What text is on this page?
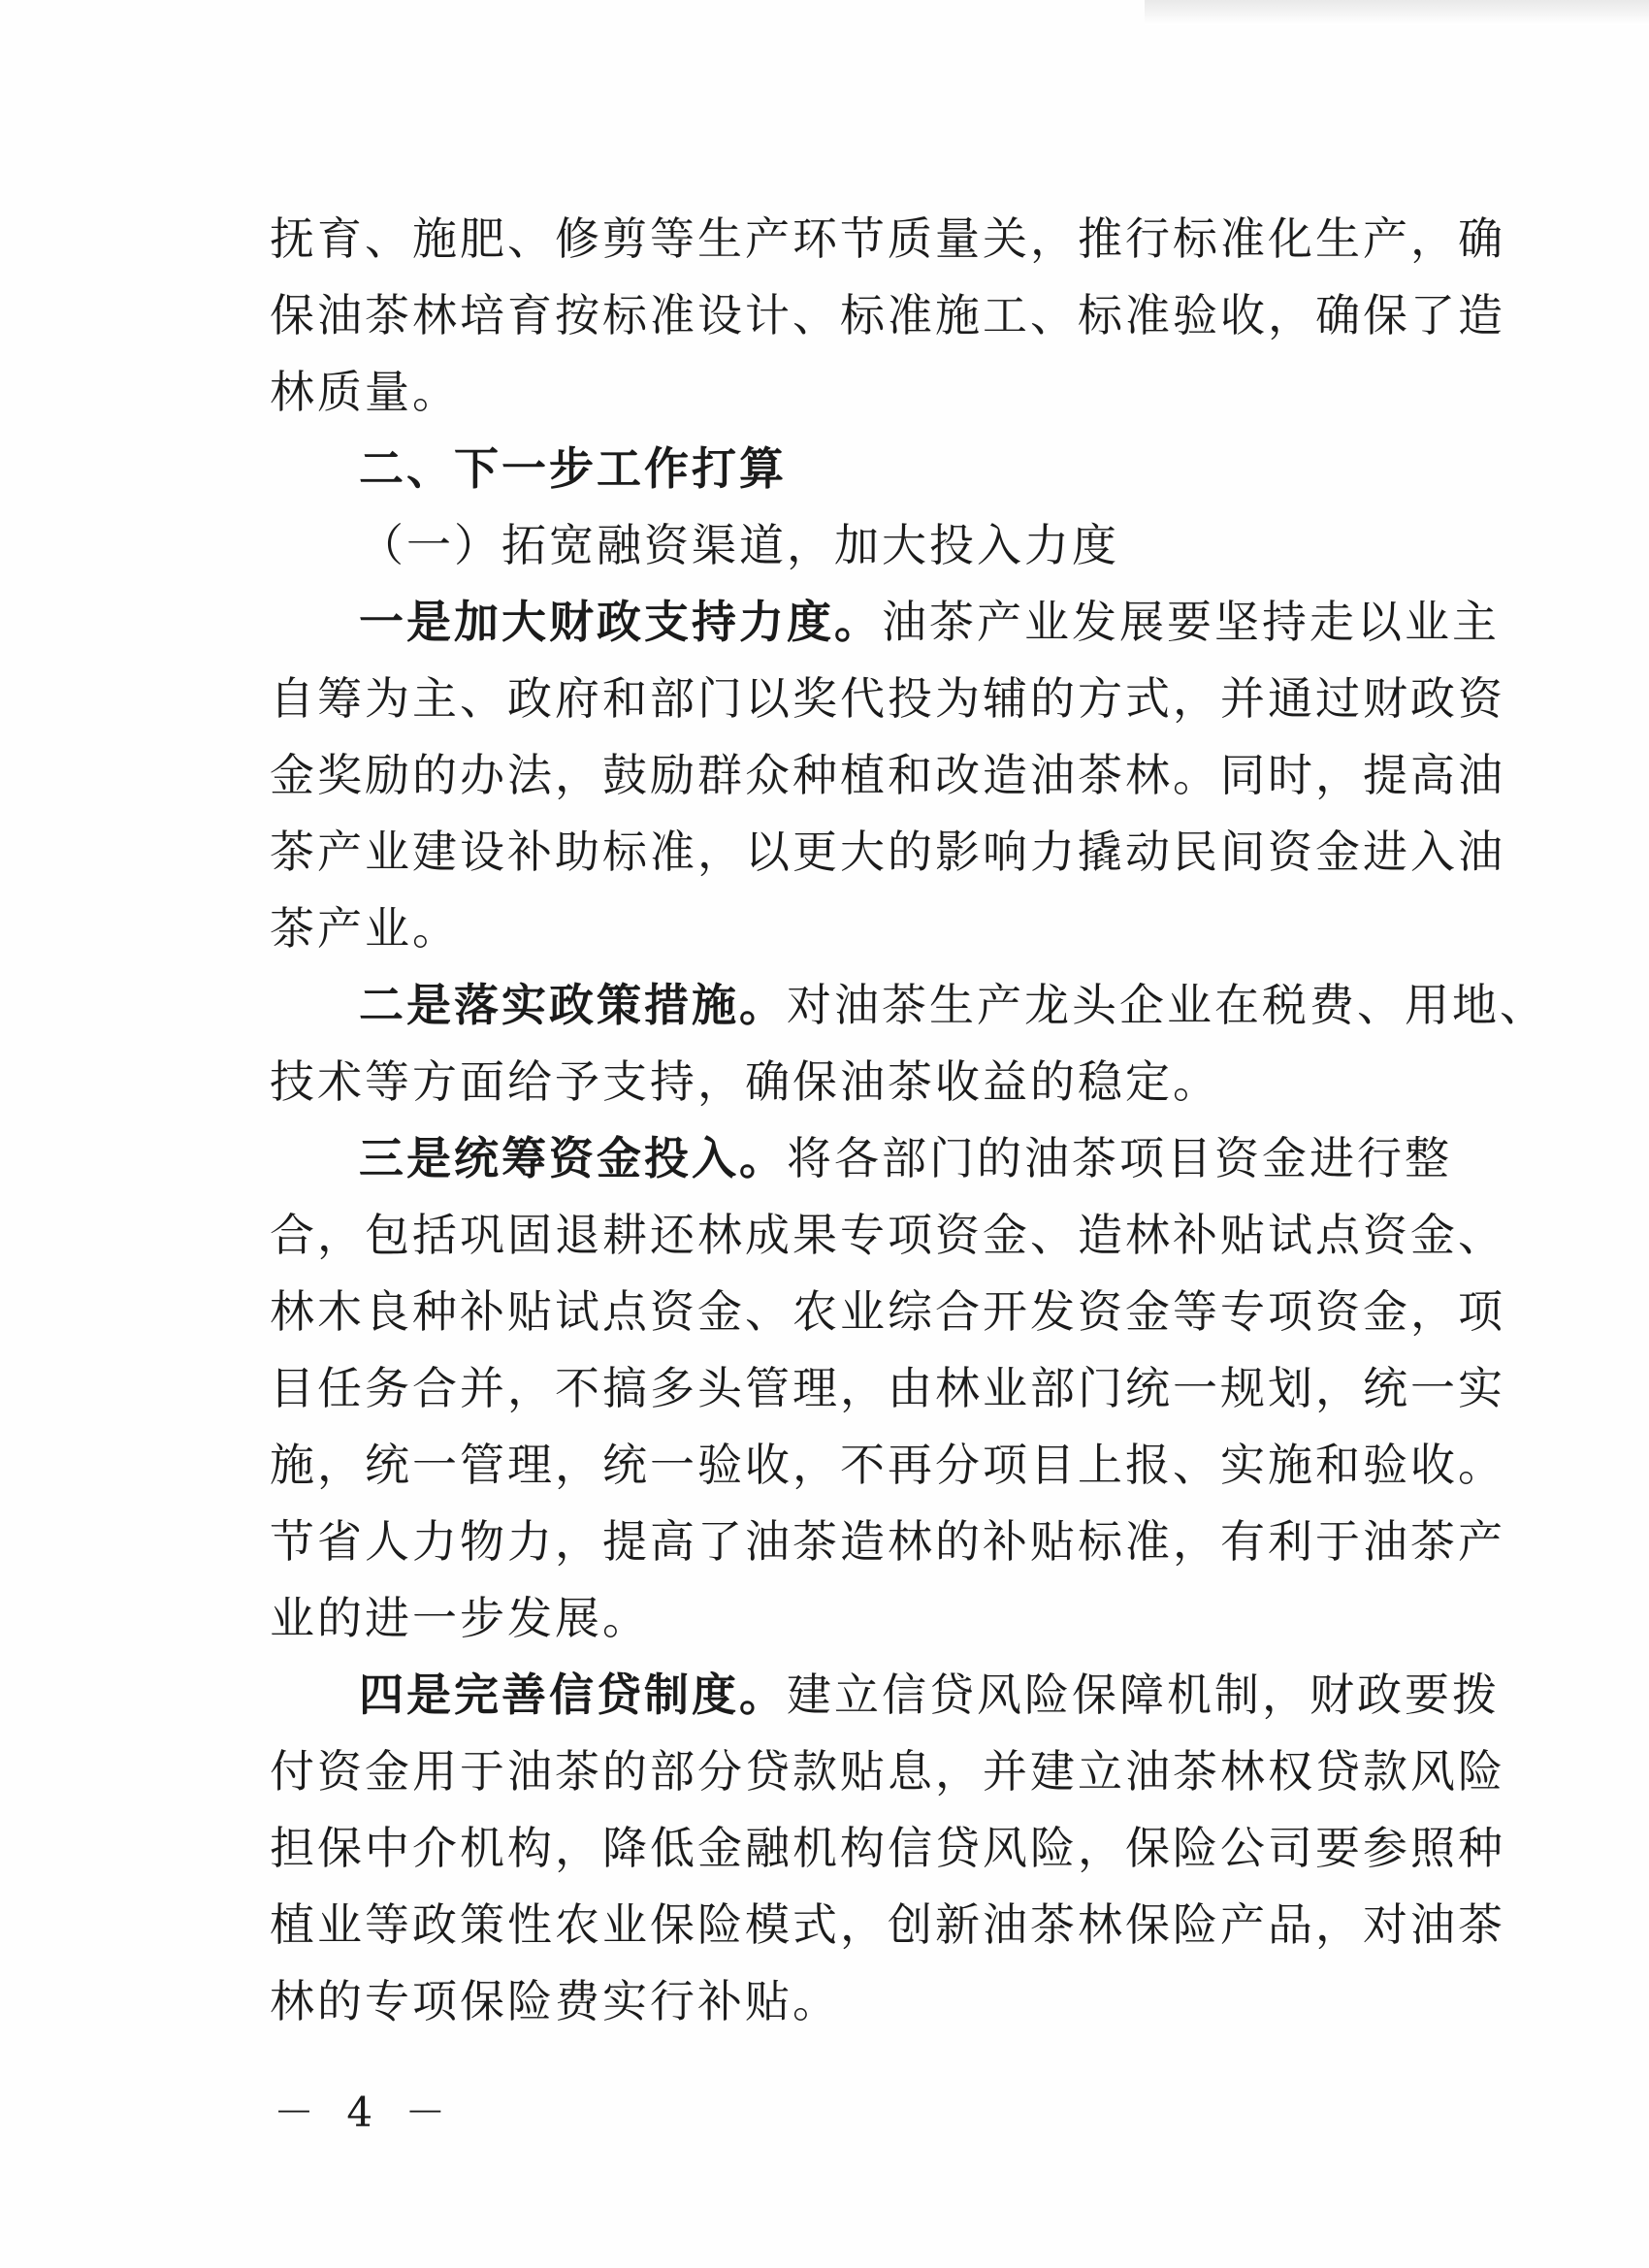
抚育、施肥、修剪等生产环节质量关，推行标准化生产，确
保油茶林培育按标准设计、标准施工、标准验收，确保了造
林质量。
二、下一步工作打算
（一）拓宽融资渠道，加大投入力度
一是加大财政支持力度。油茶产业发展要坚持走以业主
自筹为主、政府和部门以奖代投为辅的方式，并通过财政资
金奖励的办法，鼓励群众种植和改造油茶林。同时，提高油
茶产业建设补助标准，以更大的影响力撬动民间资金进入油
茶产业。
二是落实政策措施。对油茶生产龙头企业在税费、用地、
技术等方面给予支持，确保油茶收益的稳定。
三是统筹资金投入。将各部门的油茶项目资金进行整
合，包括巩固退耕还林成果专项资金、造林补贴试点资金、
林木良种补贴试点资金、农业综合开发资金等专项资金，项
目任务合并，不搞多头管理，由林业部门统一规划，统一实
施，统一管理，统一验收，不再分项目上报、实施和验收。
节省人力物力，提高了油茶造林的补贴标准，有利于油茶产
业的进一步发展。
四是完善信贷制度。建立信贷风险保障机制，财政要拨
付资金用于油茶的部分贷款贴息，并建立油茶林权贷款风险
担保中介机构，降低金融机构信贷风险，保险公司要参照种
植业等政策性农业保险模式，创新油茶林保险产品，对油茶
林的专项保险费实行补贴。
－ 4 －
